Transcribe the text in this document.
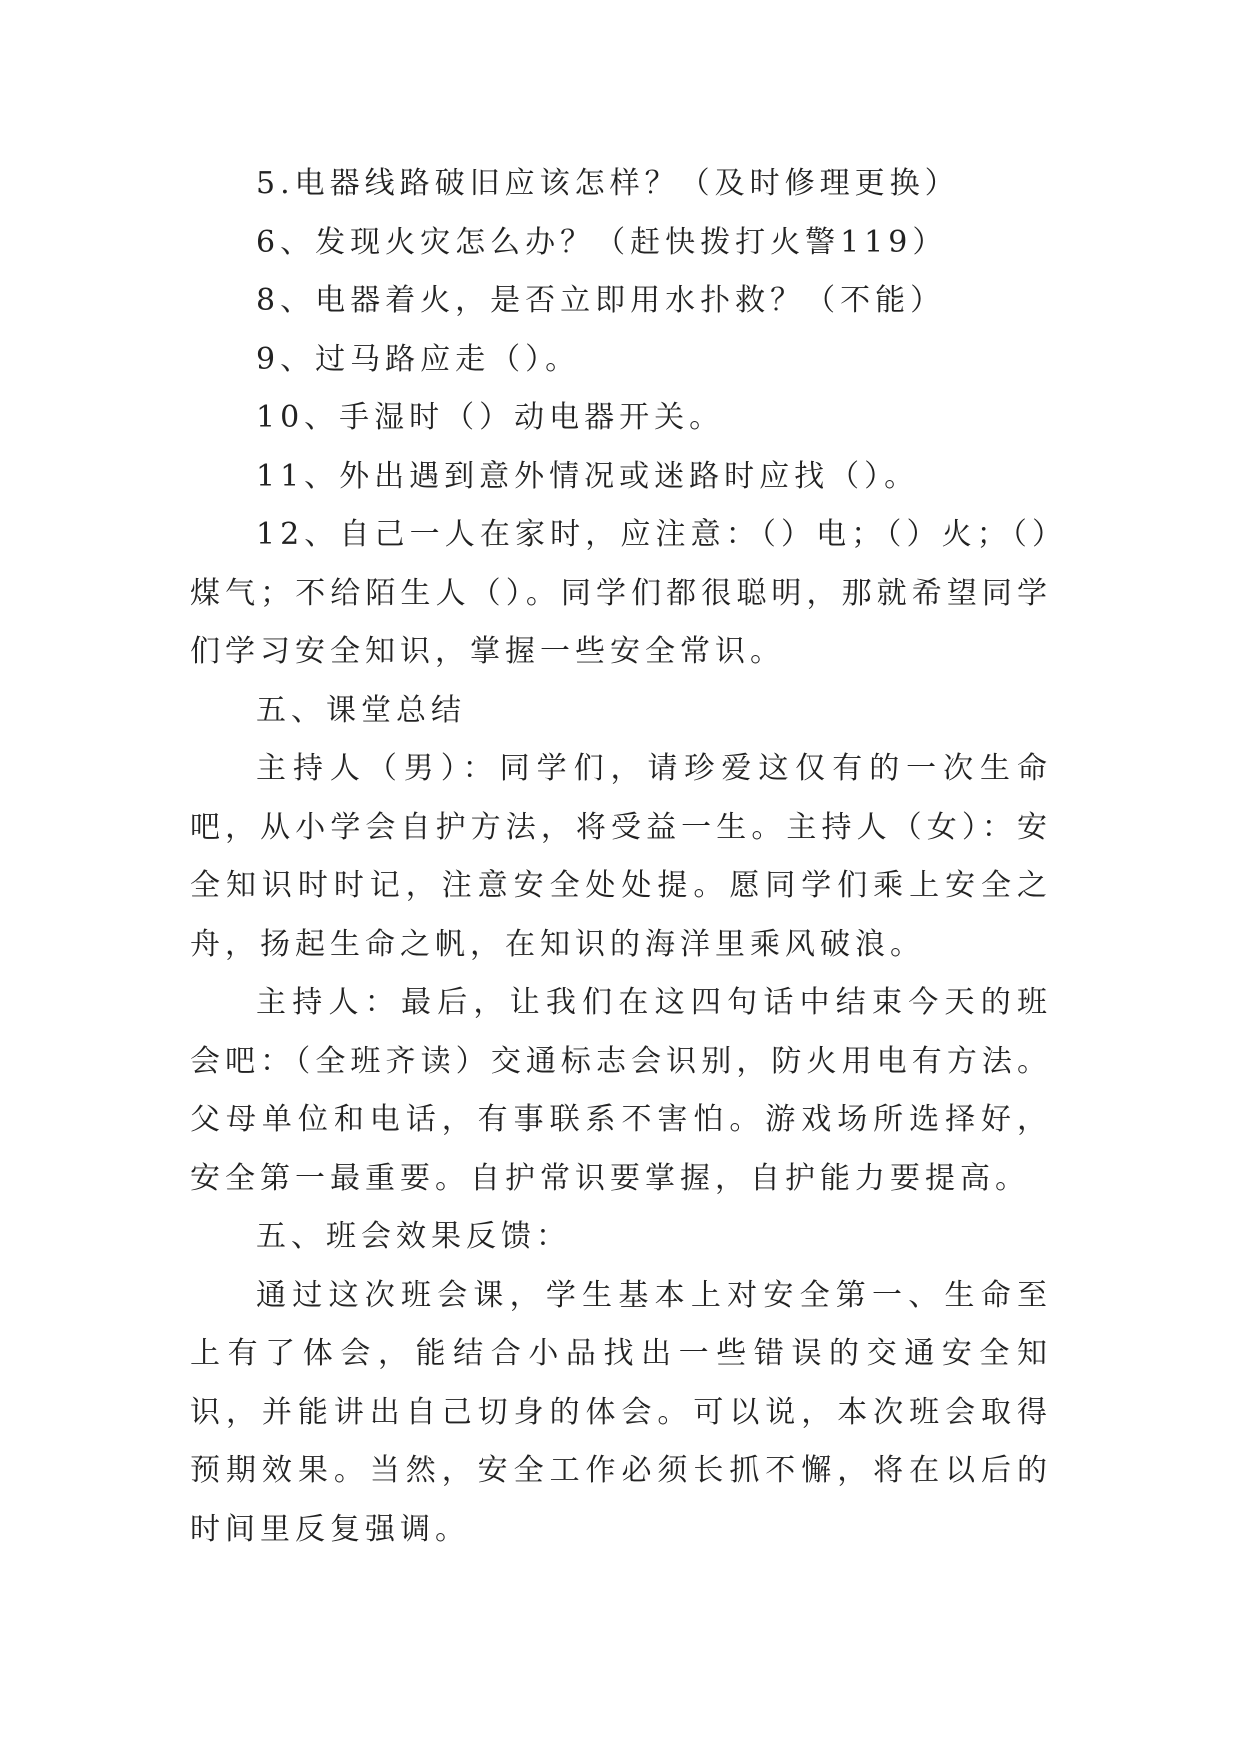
5.电器线路破旧应该怎样？（及时修理更换）

6、发现火灾怎么办？（赶快拨打火警119）

8、电器着火，是否立即用水扑救？（不能）

9、过马路应走（）。

10、手湿时（）动电器开关。

11、外出遇到意外情况或迷路时应找（）。

12、自己一人在家时，应注意：（）电；（）火；（）煤气；不给陌生人（）。同学们都很聪明，那就希望同学们学习安全知识，掌握一些安全常识。

五、课堂总结

主持人（男）：同学们，请珍爱这仅有的一次生命吧，从小学会自护方法，将受益一生。主持人（女）：安全知识时时记，注意安全处处提。愿同学们乘上安全之舟，扬起生命之帆，在知识的海洋里乘风破浪。

主持人：最后，让我们在这四句话中结束今天的班会吧：（全班齐读）交通标志会识别，防火用电有方法。父母单位和电话，有事联系不害怕。游戏场所选择好，安全第一最重要。自护常识要掌握，自护能力要提高。

五、班会效果反馈：

通过这次班会课，学生基本上对安全第一、生命至上有了体会，能结合小品找出一些错误的交通安全知识，并能讲出自己切身的体会。可以说，本次班会取得预期效果。当然，安全工作必须长抓不懈，将在以后的时间里反复强调。
